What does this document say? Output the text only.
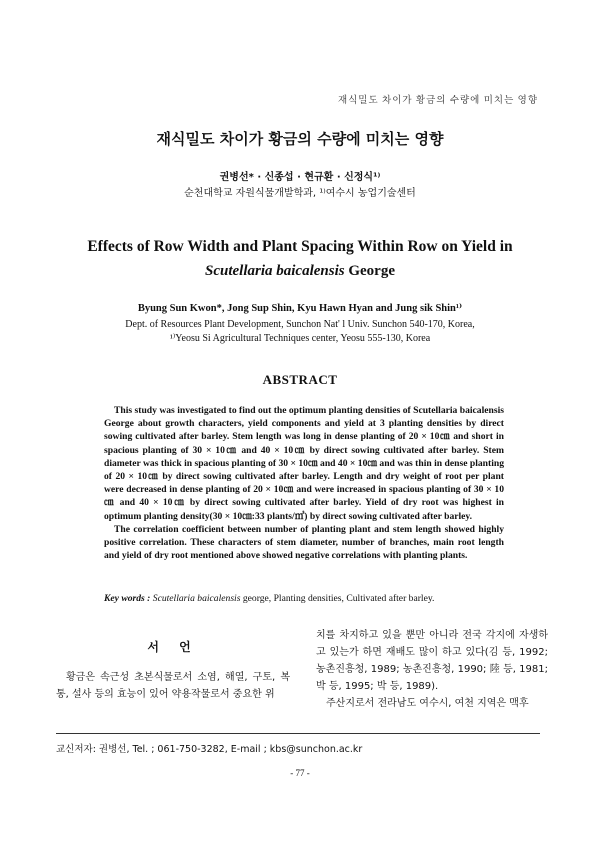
재식밀도 차이가 황금의 수량에 미치는 영향
재식밀도 차이가 황금의 수량에 미치는 영향
권병선* · 신종섭 · 현규환 · 신정식¹⁾
순천대학교 자원식물개발학과, ¹⁾여수시 농업기술센터
Effects of Row Width and Plant Spacing Within Row on Yield in
Scutellaria baicalensis George
Byung Sun Kwon*, Jong Sup Shin, Kyu Hawn Hyan and Jung sik Shin¹⁾
Dept. of Resources Plant Development, Sunchon Nat' l Univ. Sunchon 540-170, Korea,
¹⁾Yeosu Si Agricultural Techniques center, Yeosu 555-130, Korea
ABSTRACT

This study was investigated to find out the optimum planting densities of Scutellaria baicalensis George about growth characters, yield components and yield at 3 planting densities by direct sowing cultivated after barley. Stem length was long in dense planting of 20 × 10㎝ and short in spacious planting of 30 × 10㎝ and 40 × 10㎝ by direct sowing cultivated after barley. Stem diameter was thick in spacious planting of 30 × 10㎝ and 40 × 10㎝ and was thin in dense planting of 20 × 10㎝ by direct sowing cultivated after barley. Length and dry weight of root per plant were decreased in dense planting of 20 × 10㎝ and were increased in spacious planting of 30 × 10㎝ and 40 × 10㎝ by direct sowing cultivated after barley. Yield of dry root was highest in optimum planting density(30 × 10㎝:33 plants/㎡) by direct sowing cultivated after barley.

The correlation coefficient between number of planting plant and stem length showed highly positive correlation. These characters of stem diameter, number of branches, main root length and yield of dry root mentioned above showed negative correlations with planting plants.

Key words : Scutellaria baicalensis george, Planting densities, Cultivated after barley.
서 언

황금은 속근성 초본식물로서 소염, 해열, 구토, 복통, 설사 등의 효능이 있어 약용작물로서 중요한 위

치를 차지하고 있을 뿐만 아니라 전국 각지에 자생하고 있는가 하면 재배도 많이 하고 있다(김 등, 1992; 농촌진흥청, 1989; 농촌진흥청, 1990; 陸 등, 1981; 박 등, 1995; 박 등, 1989).

주산지로서 전라남도 여수시, 여천 지역은 맥후

교신저자: 권병선, Tel. ; 061-750-3282, E-mail ; kbs@sunchon.ac.kr
- 77 -
